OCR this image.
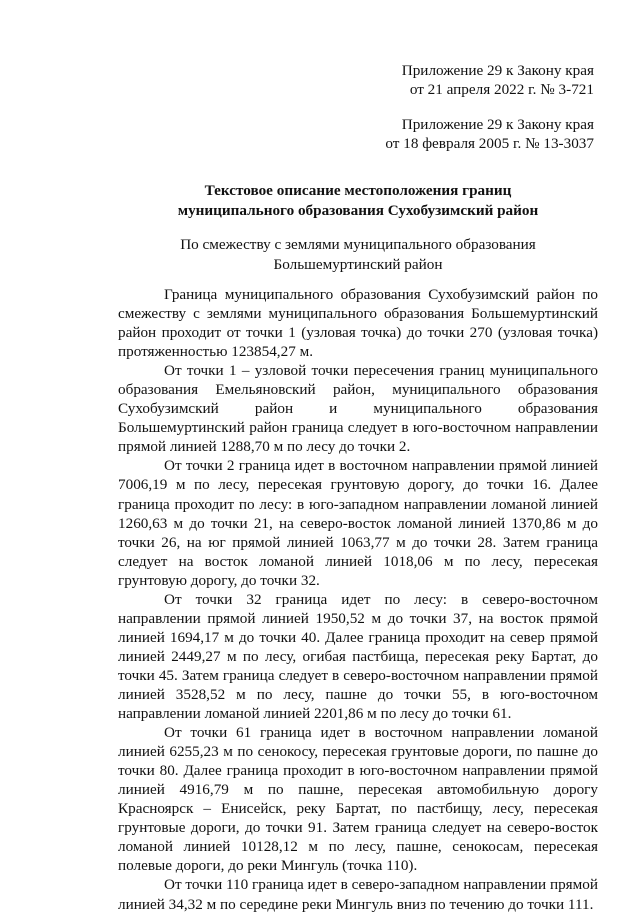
Приложение 29 к Закону края
от 21 апреля 2022 г. № 3-721
Приложение 29 к Закону края
от 18 февраля 2005 г. № 13-3037
Текстовое описание местоположения границ
муниципального образования Сухобузимский район
По смежеству с землями муниципального образования
Большемуртинский район

Граница муниципального образования Сухобузимский район по смежеству с землями муниципального образования Большемуртинский район проходит от точки 1 (узловая точка) до точки 270 (узловая точка) протяженностью 123854,27 м.

От точки 1 – узловой точки пересечения границ муниципального образования Емельяновский район, муниципального образования Сухобузимский район и муниципального образования Большемуртинский район граница следует в юго-восточном направлении прямой линией 1288,70 м по лесу до точки 2.

От точки 2 граница идет в восточном направлении прямой линией 7006,19 м по лесу, пересекая грунтовую дорогу, до точки 16. Далее граница проходит по лесу: в юго-западном направлении ломаной линией 1260,63 м до точки 21, на северо-восток ломаной линией 1370,86 м до точки 26, на юг прямой линией 1063,77 м до точки 28. Затем граница следует на восток ломаной линией 1018,06 м по лесу, пересекая грунтовую дорогу, до точки 32.

От точки 32 граница идет по лесу: в северо-восточном направлении прямой линией 1950,52 м до точки 37, на восток прямой линией 1694,17 м до точки 40. Далее граница проходит на север прямой линией 2449,27 м по лесу, огибая пастбища, пересекая реку Бартат, до точки 45. Затем граница следует в северо-восточном направлении прямой линией 3528,52 м по лесу, пашне до точки 55, в юго-восточном направлении ломаной линией 2201,86 м по лесу до точки 61.

От точки 61 граница идет в восточном направлении ломаной линией 6255,23 м по сенокосу, пересекая грунтовые дороги, по пашне до точки 80. Далее граница проходит в юго-восточном направлении прямой линией 4916,79 м по пашне, пересекая автомобильную дорогу Красноярск – Енисейск, реку Бартат, по пастбищу, лесу, пересекая грунтовые дороги, до точки 91. Затем граница следует на северо-восток ломаной линией 10128,12 м по лесу, пашне, сенокосам, пересекая полевые дороги, до реки Мингуль (точка 110).

От точки 110 граница идет в северо-западном направлении прямой линией 34,32 м по середине реки Мингуль вниз по течению до точки 111.
